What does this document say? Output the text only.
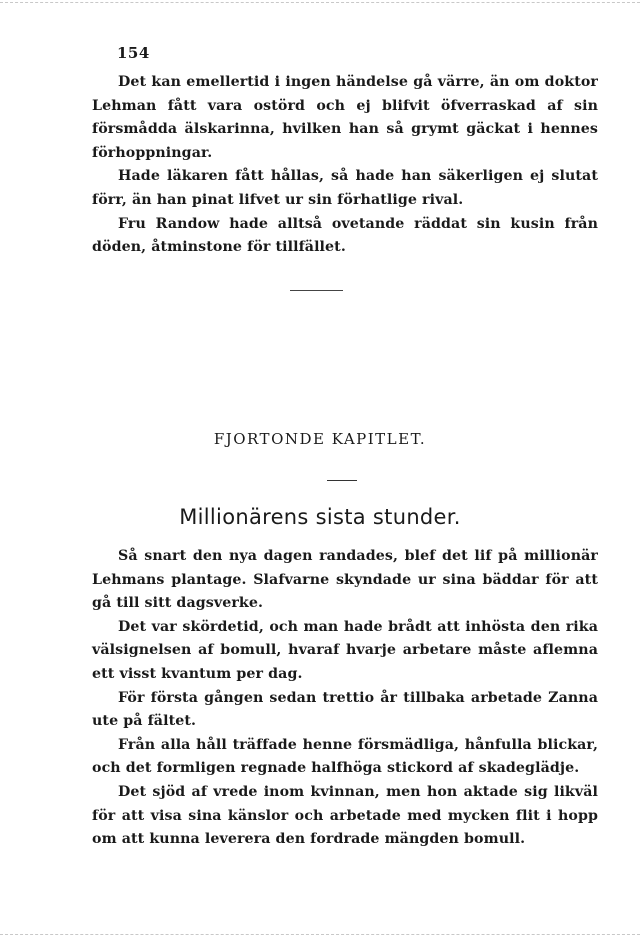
154

Det kan emellertid i ingen händelse gå värre, än om doktor Lehman fått vara ostörd och ej blifvit öfverraskad af sin försmådda älskarinna, hvilken han så grymt gäckat i hennes förhoppningar.

Hade läkaren fått hållas, så hade han säkerligen ej slutat förr, än han pinat lifvet ur sin förhatlige rival.

Fru Randow hade alltså ovetande räddat sin kusin från döden, åtminstone för tillfället.

FJORTONDE KAPITLET.
Millionärens sista stunder.

Så snart den nya dagen randades, blef det lif på millionär Lehmans plantage. Slafvarne skyndade ur sina bäddar för att gå till sitt dagsverke.

Det var skördetid, och man hade brådt att inhösta den rika välsignelsen af bomull, hvaraf hvarje arbetare måste aflemna ett visst kvantum per dag.

För första gången sedan trettio år tillbaka arbetade Zanna ute på fältet.

Från alla håll träffade henne försmädliga, hånfulla blickar, och det formligen regnade halfhöga stickord af skadeglädje.

Det sjöd af vrede inom kvinnan, men hon aktade sig likväl för att visa sina känslor och arbetade med mycken flit i hopp om att kunna leverera den fordrade mängden bomull.
